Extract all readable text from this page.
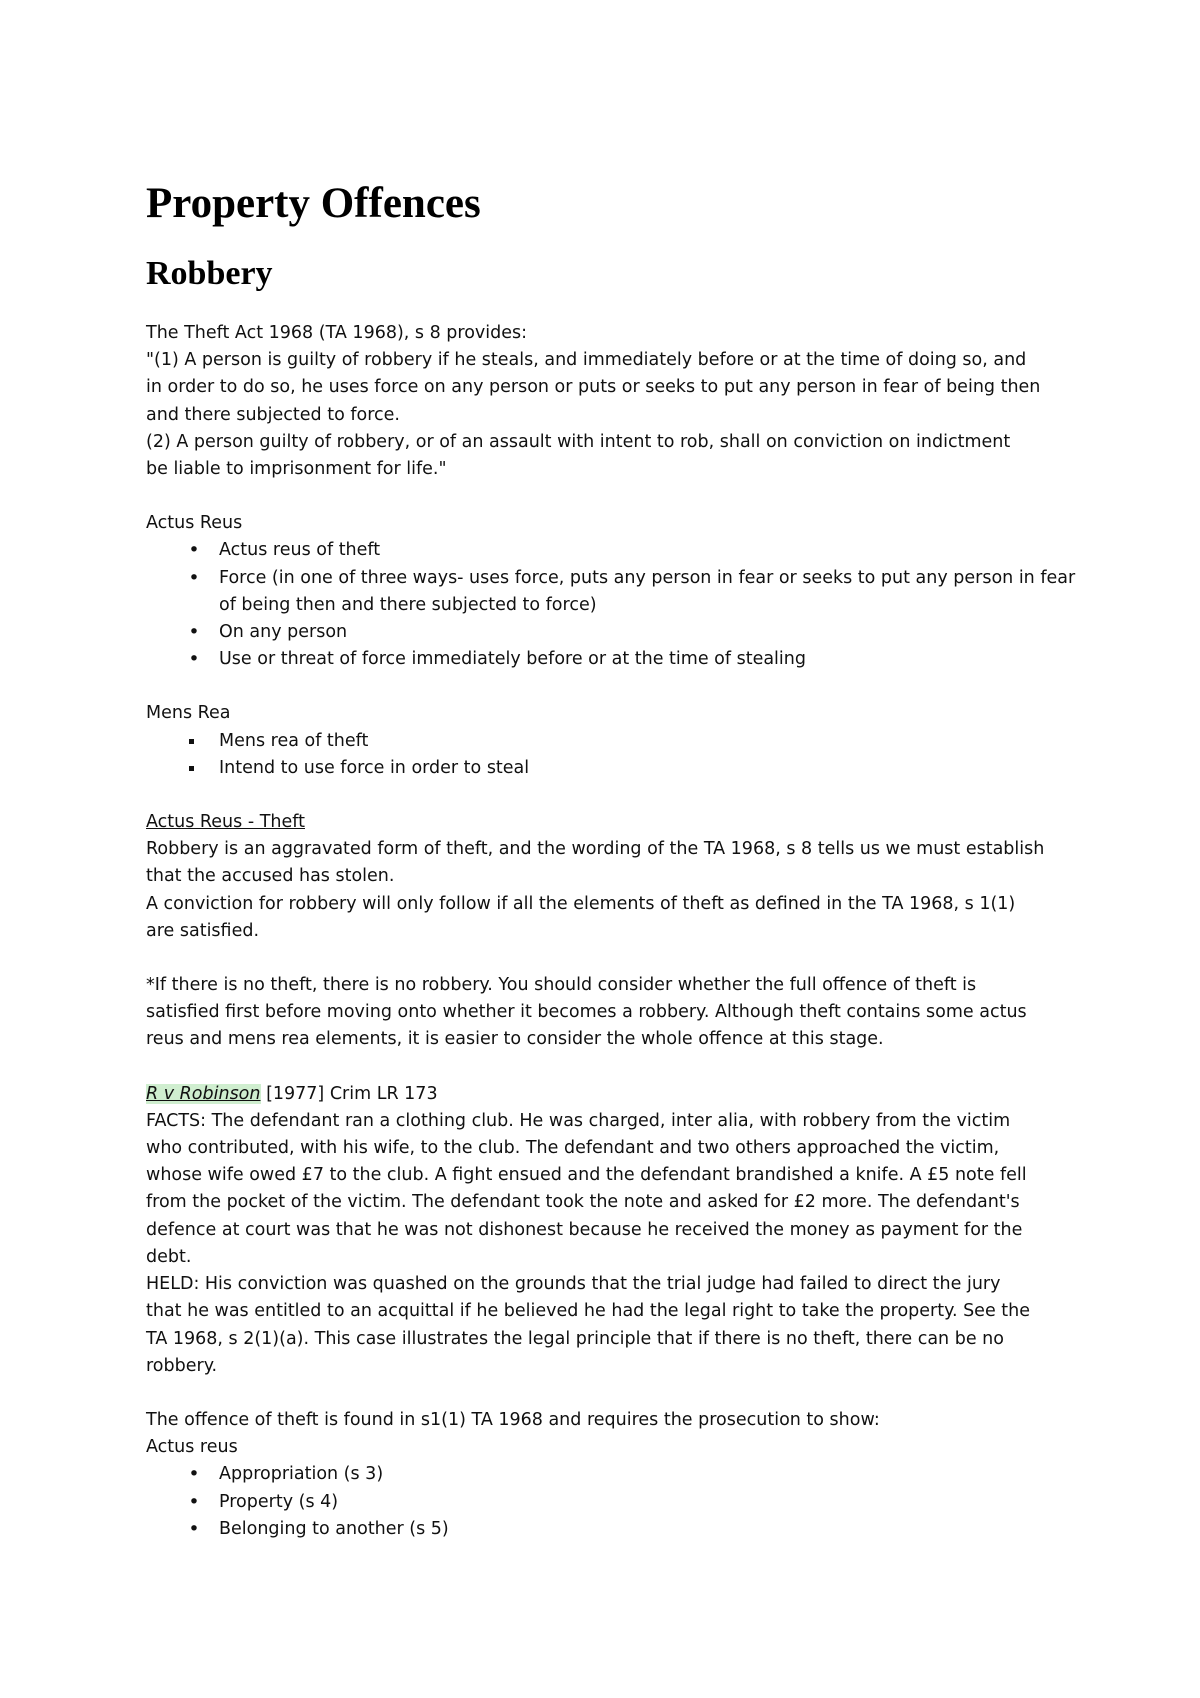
Property Offences
Robbery

The Theft Act 1968 (TA 1968), s 8 provides:

"(1) A person is guilty of robbery if he steals, and immediately before or at the time of doing so, and

in order to do so, he uses force on any person or puts or seeks to put any person in fear of being then

and there subjected to force.

(2) A person guilty of robbery, or of an assault with intent to rob, shall on conviction on indictment

be liable to imprisonment for life."

Actus Reus

• Actus reus of theft
• Force (in one of three ways- uses force, puts any person in fear or seeks to put any person in fear of being then and there subjected to force)
• On any person
• Use or threat of force immediately before or at the time of stealing

Mens Rea

Mens rea of theft
Intend to use force in order to steal

Actus Reus - Theft

Robbery is an aggravated form of theft, and the wording of the TA 1968, s 8 tells us we must establish

that the accused has stolen.

A conviction for robbery will only follow if all the elements of theft as defined in the TA 1968, s 1(1)

are satisfied.

*If there is no theft, there is no robbery. You should consider whether the full offence of theft is

satisfied first before moving onto whether it becomes a robbery. Although theft contains some actus

reus and mens rea elements, it is easier to consider the whole offence at this stage.

R v Robinson [1977] Crim LR 173

FACTS: The defendant ran a clothing club. He was charged, inter alia, with robbery from the victim

who contributed, with his wife, to the club. The defendant and two others approached the victim,

whose wife owed £7 to the club. A fight ensued and the defendant brandished a knife. A £5 note fell

from the pocket of the victim. The defendant took the note and asked for £2 more. The defendant's

defence at court was that he was not dishonest because he received the money as payment for the

debt.

HELD: His conviction was quashed on the grounds that the trial judge had failed to direct the jury

that he was entitled to an acquittal if he believed he had the legal right to take the property. See the

TA 1968, s 2(1)(a). This case illustrates the legal principle that if there is no theft, there can be no

robbery.

The offence of theft is found in s1(1) TA 1968 and requires the prosecution to show:

Actus reus

• Appropriation (s 3)
• Property (s 4)
• Belonging to another (s 5)
